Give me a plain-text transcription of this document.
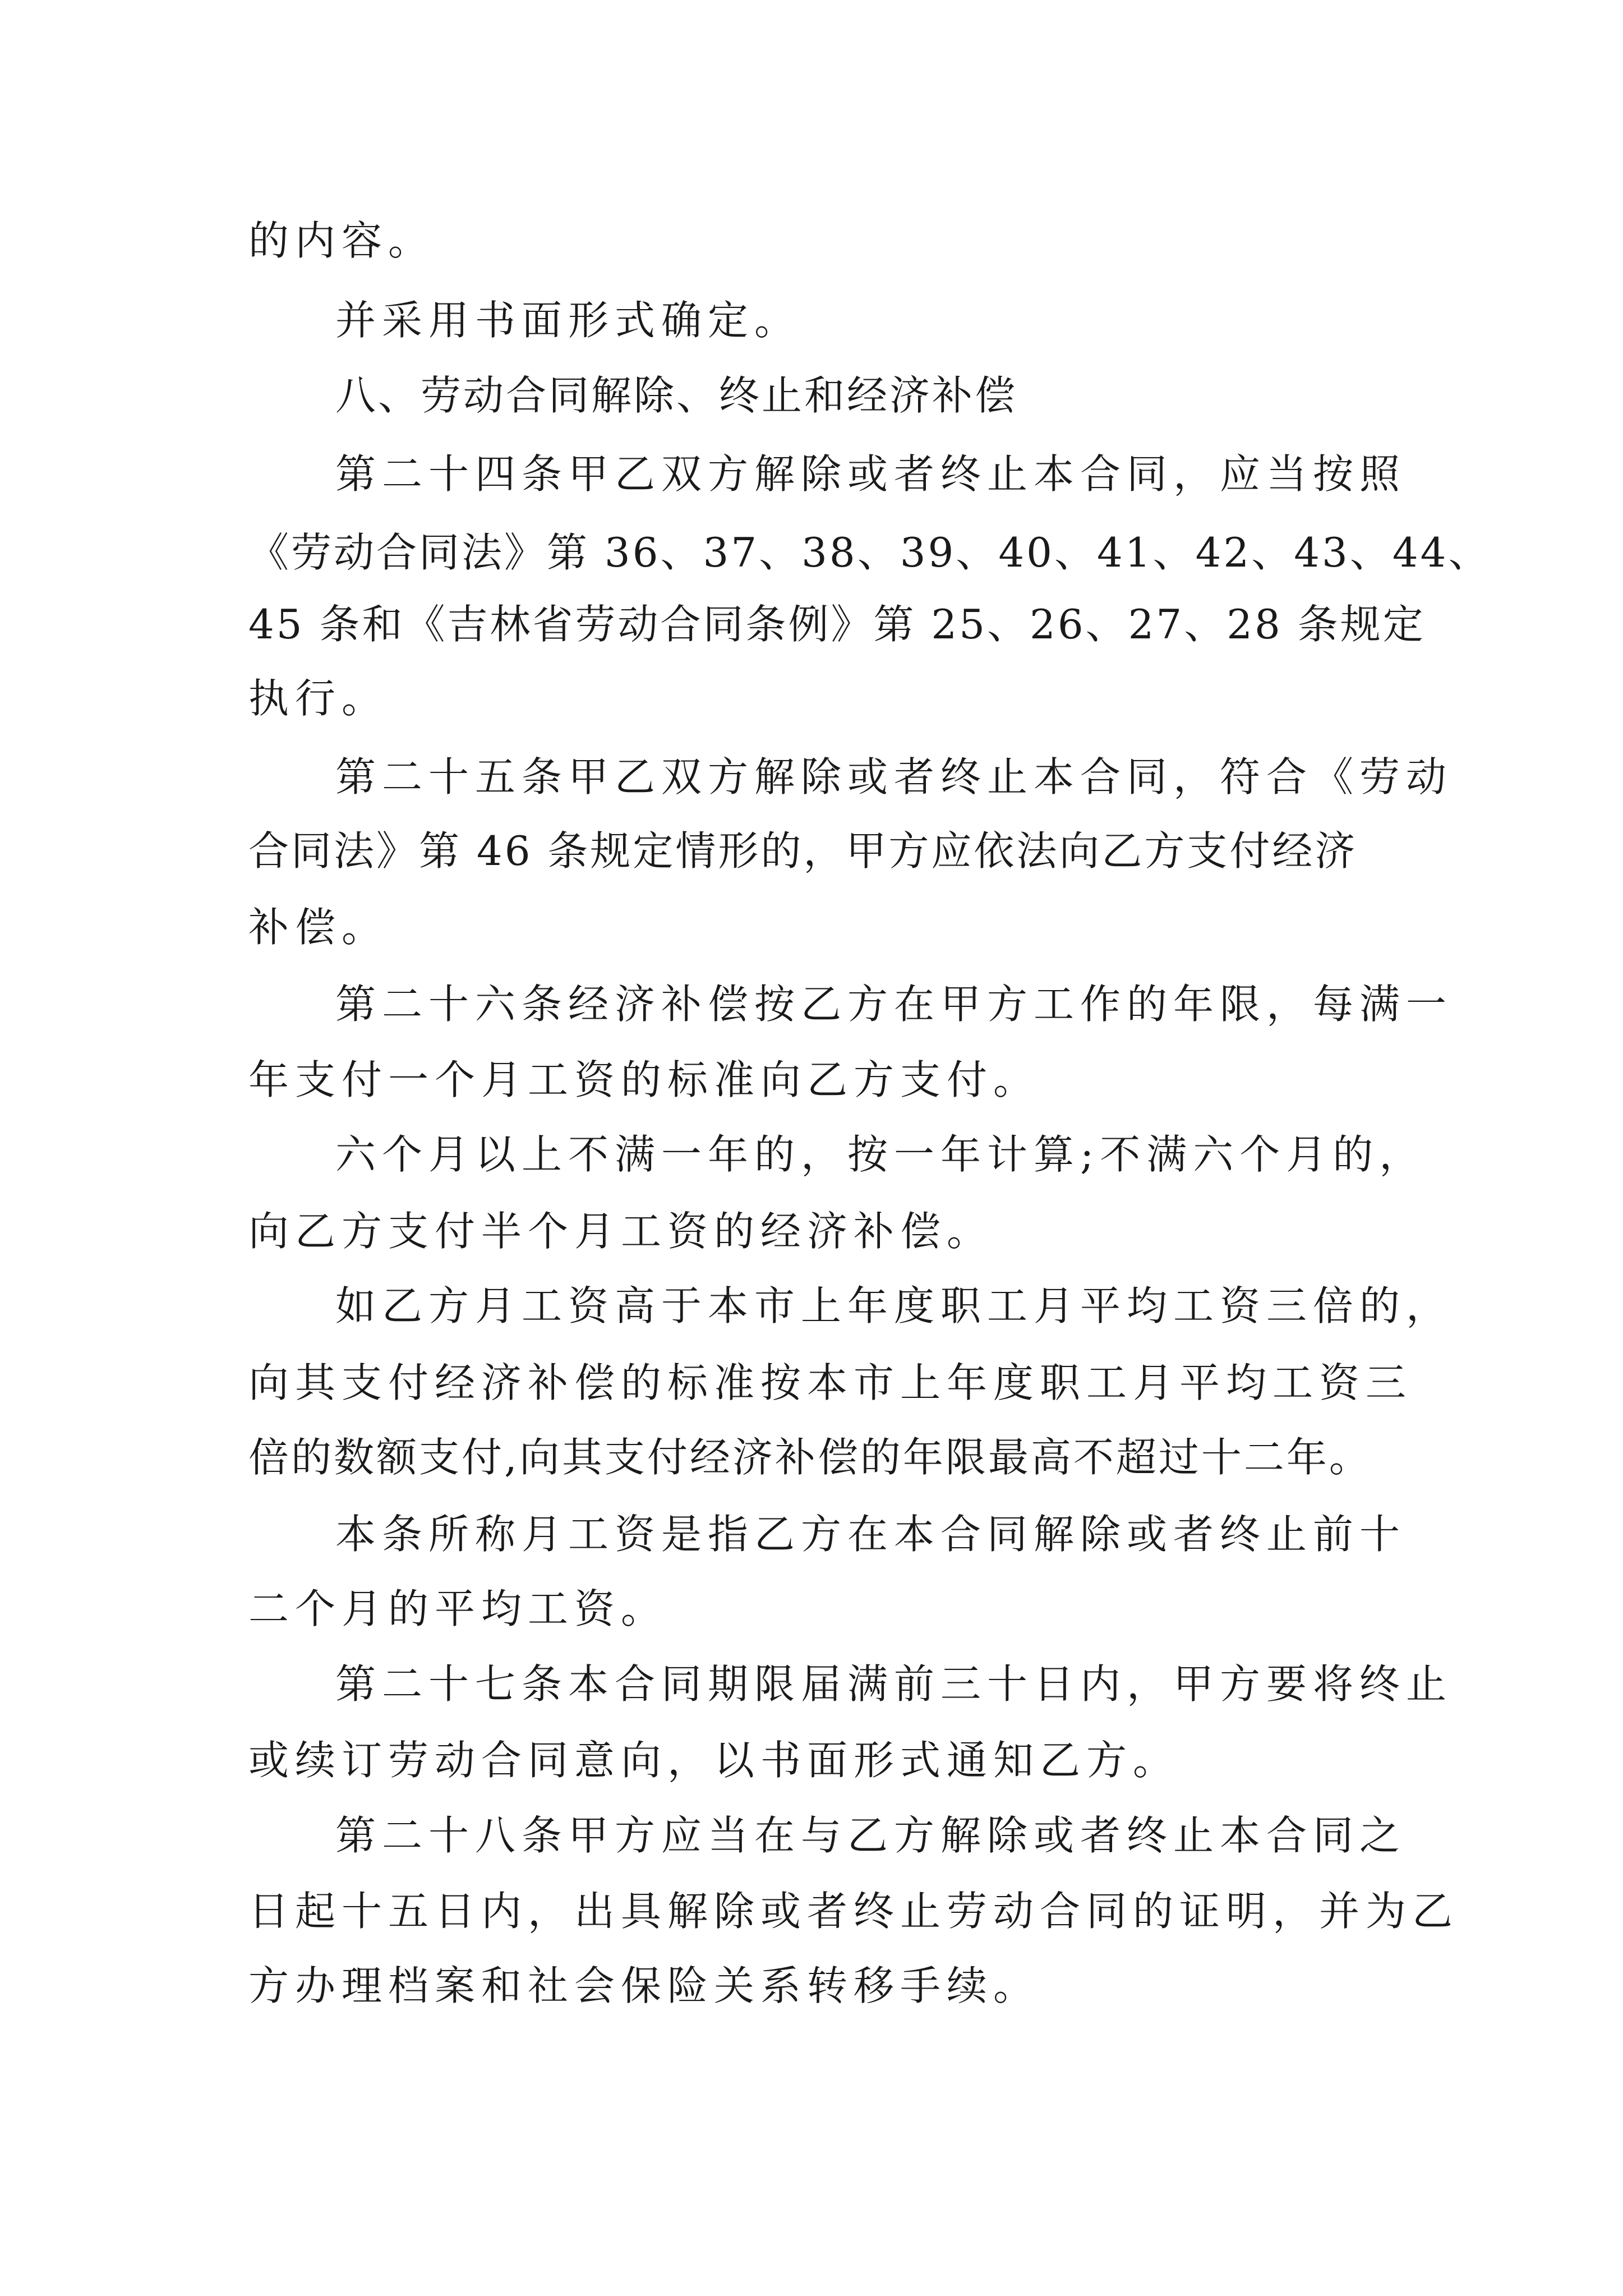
的内容。

并采用书面形式确定。

八、劳动合同解除、终止和经济补偿

第二十四条甲乙双方解除或者终止本合同，应当按照

《劳动合同法》第 36、37、38、39、40、41、42、43、44、

45 条和《吉林省劳动合同条例》第 25、26、27、28 条规定

执行。

第二十五条甲乙双方解除或者终止本合同，符合《劳动

合同法》第 46 条规定情形的，甲方应依法向乙方支付经济

补偿。

第二十六条经济补偿按乙方在甲方工作的年限，每满一

年支付一个月工资的标准向乙方支付。

六个月以上不满一年的，按一年计算;不满六个月的，

向乙方支付半个月工资的经济补偿。

如乙方月工资高于本市上年度职工月平均工资三倍的，

向其支付经济补偿的标准按本市上年度职工月平均工资三

倍的数额支付,向其支付经济补偿的年限最高不超过十二年。

本条所称月工资是指乙方在本合同解除或者终止前十

二个月的平均工资。

第二十七条本合同期限届满前三十日内，甲方要将终止

或续订劳动合同意向，以书面形式通知乙方。

第二十八条甲方应当在与乙方解除或者终止本合同之

日起十五日内，出具解除或者终止劳动合同的证明，并为乙

方办理档案和社会保险关系转移手续。
